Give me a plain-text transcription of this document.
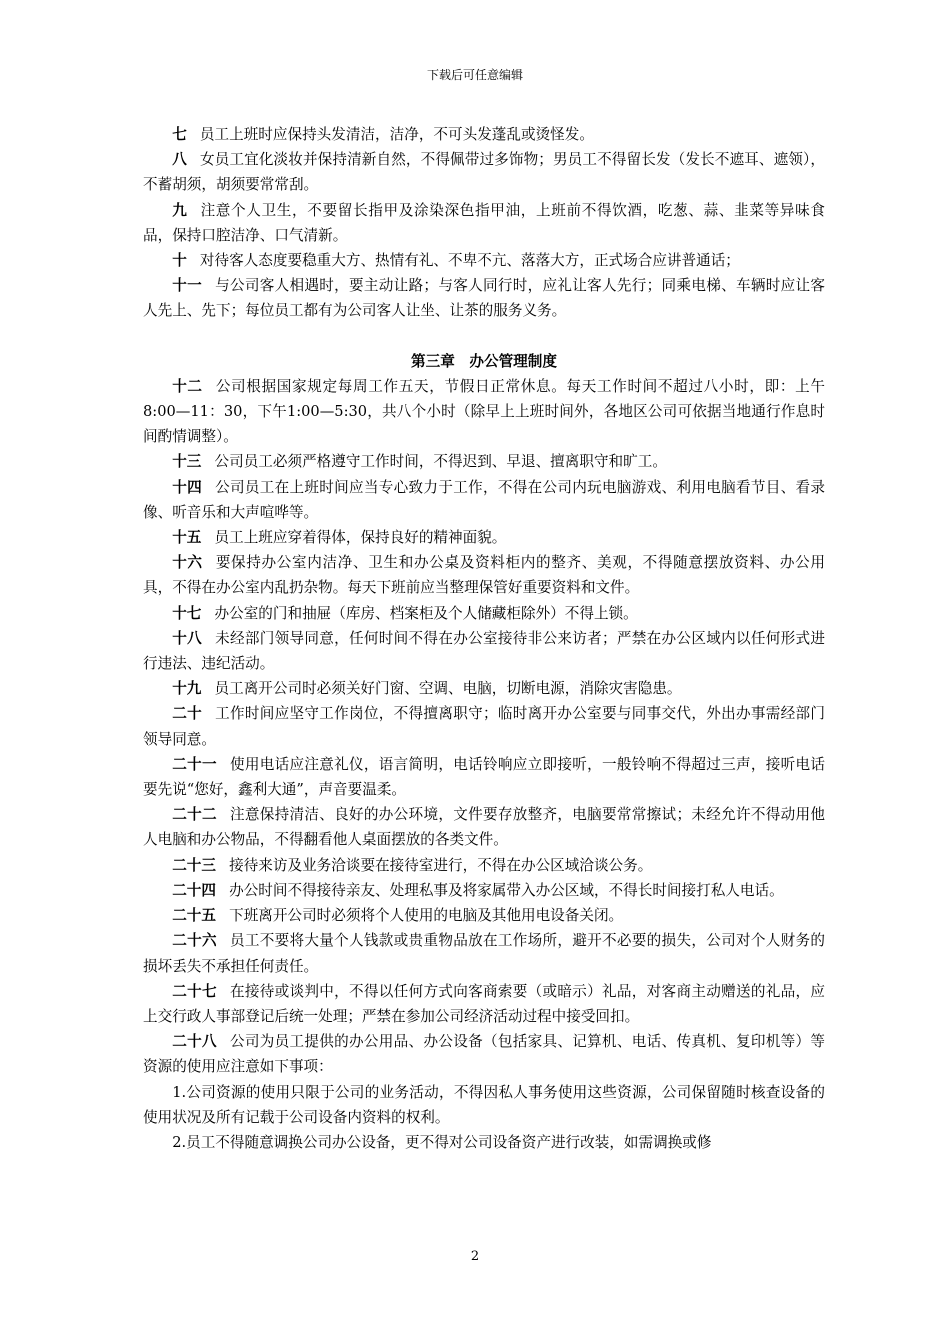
下载后可任意编辑

七 员工上班时应保持头发清洁，洁净，不可头发蓬乱或烫怪发。

八 女员工宜化淡妆并保持清新自然，不得佩带过多饰物；男员工不得留长发（发长不遮耳、遮领），不蓄胡须，胡须要常常刮。

九 注意个人卫生，不要留长指甲及涂染深色指甲油，上班前不得饮酒，吃葱、蒜、韭菜等异味食品，保持口腔洁净、口气清新。

十 对待客人态度要稳重大方、热情有礼、不卑不亢、落落大方，正式场合应讲普通话；

十一 与公司客人相遇时，要主动让路；与客人同行时，应礼让客人先行；同乘电梯、车辆时应让客人先上、先下；每位员工都有为公司客人让坐、让茶的服务义务。

第三章　办公管理制度

十二 公司根据国家规定每周工作五天，节假日正常休息。每天工作时间不超过八小时，即：上午8:00—11：30，下午1:00—5:30，共八个小时（除早上上班时间外，各地区公司可依据当地通行作息时间酌情调整）。

十三 公司员工必须严格遵守工作时间，不得迟到、早退、擅离职守和旷工。

十四 公司员工在上班时间应当专心致力于工作，不得在公司内玩电脑游戏、利用电脑看节目、看录像、听音乐和大声喧哗等。

十五 员工上班应穿着得体，保持良好的精神面貌。

十六 要保持办公室内洁净、卫生和办公桌及资料柜内的整齐、美观，不得随意摆放资料、办公用具，不得在办公室内乱扔杂物。每天下班前应当整理保管好重要资料和文件。

十七 办公室的门和抽屉（库房、档案柜及个人储藏柜除外）不得上锁。

十八 未经部门领导同意，任何时间不得在办公室接待非公来访者；严禁在办公区域内以任何形式进行违法、违纪活动。

十九 员工离开公司时必须关好门窗、空调、电脑，切断电源，消除灾害隐患。

二十 工作时间应坚守工作岗位，不得擅离职守；临时离开办公室要与同事交代，外出办事需经部门领导同意。

二十一 使用电话应注意礼仪，语言简明，电话铃响应立即接听，一般铃响不得超过三声，接听电话要先说“您好，鑫利大通”，声音要温柔。

二十二 注意保持清洁、良好的办公环境，文件要存放整齐，电脑要常常擦试；未经允许不得动用他人电脑和办公物品，不得翻看他人桌面摆放的各类文件。

二十三 接待来访及业务洽谈要在接待室进行，不得在办公区域洽谈公务。

二十四 办公时间不得接待亲友、处理私事及将家属带入办公区域，不得长时间接打私人电话。

二十五 下班离开公司时必须将个人使用的电脑及其他用电设备关闭。

二十六 员工不要将大量个人钱款或贵重物品放在工作场所，避开不必要的损失，公司对个人财务的损坏丢失不承担任何责任。

二十七 在接待或谈判中，不得以任何方式向客商索要（或暗示）礼品，对客商主动赠送的礼品，应上交行政人事部登记后统一处理；严禁在参加公司经济活动过程中接受回扣。

二十八 公司为员工提供的办公用品、办公设备（包括家具、记算机、电话、传真机、复印机等）等资源的使用应注意如下事项：

1.公司资源的使用只限于公司的业务活动，不得因私人事务使用这些资源，公司保留随时核查设备的使用状况及所有记载于公司设备内资料的权利。

2.员工不得随意调换公司办公设备，更不得对公司设备资产进行改装，如需调换或修

2
